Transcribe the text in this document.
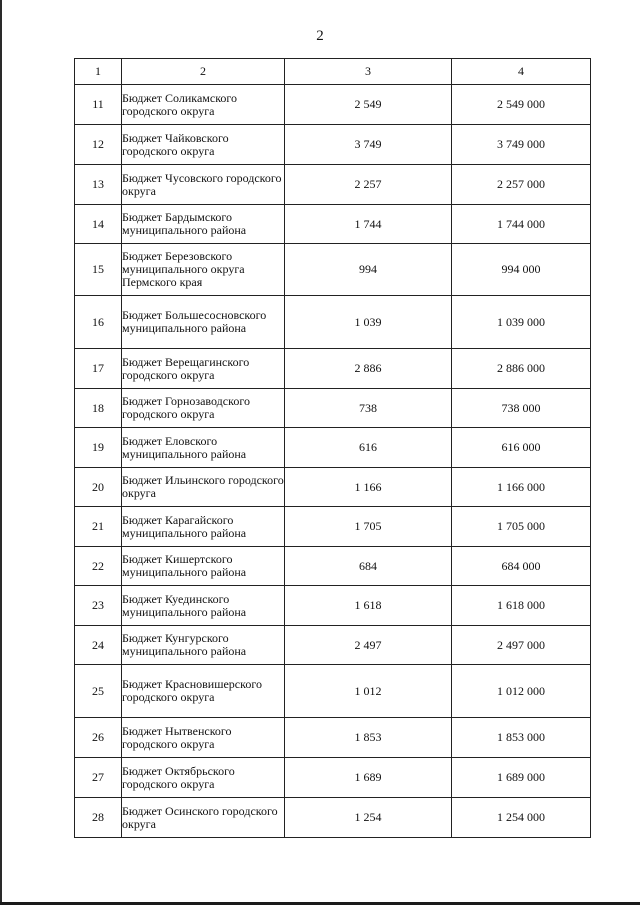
2
1	2	3	4
11	Бюджет Соликамского городского округа	2 549	2 549 000
12	Бюджет Чайковского городского округа	3 749	3 749 000
13	Бюджет Чусовского городского округа	2 257	2 257 000
14	Бюджет Бардымского муниципального района	1 744	1 744 000
15	Бюджет Березовского муниципального округа Пермского края	994	994 000
16	Бюджет Большесосновского муниципального района	1 039	1 039 000
17	Бюджет Верещагинского городского округа	2 886	2 886 000
18	Бюджет Горнозаводского городского округа	738	738 000
19	Бюджет Еловского муниципального района	616	616 000
20	Бюджет Ильинского городского округа	1 166	1 166 000
21	Бюджет Карагайского муниципального района	1 705	1 705 000
22	Бюджет Кишертского муниципального района	684	684 000
23	Бюджет Куединского муниципального района	1 618	1 618 000
24	Бюджет Кунгурского муниципального района	2 497	2 497 000
25	Бюджет Красновишерского городского округа	1 012	1 012 000
26	Бюджет Нытвенского городского округа	1 853	1 853 000
27	Бюджет Октябрьского городского округа	1 689	1 689 000
28	Бюджет Осинского городского округа	1 254	1 254 000
